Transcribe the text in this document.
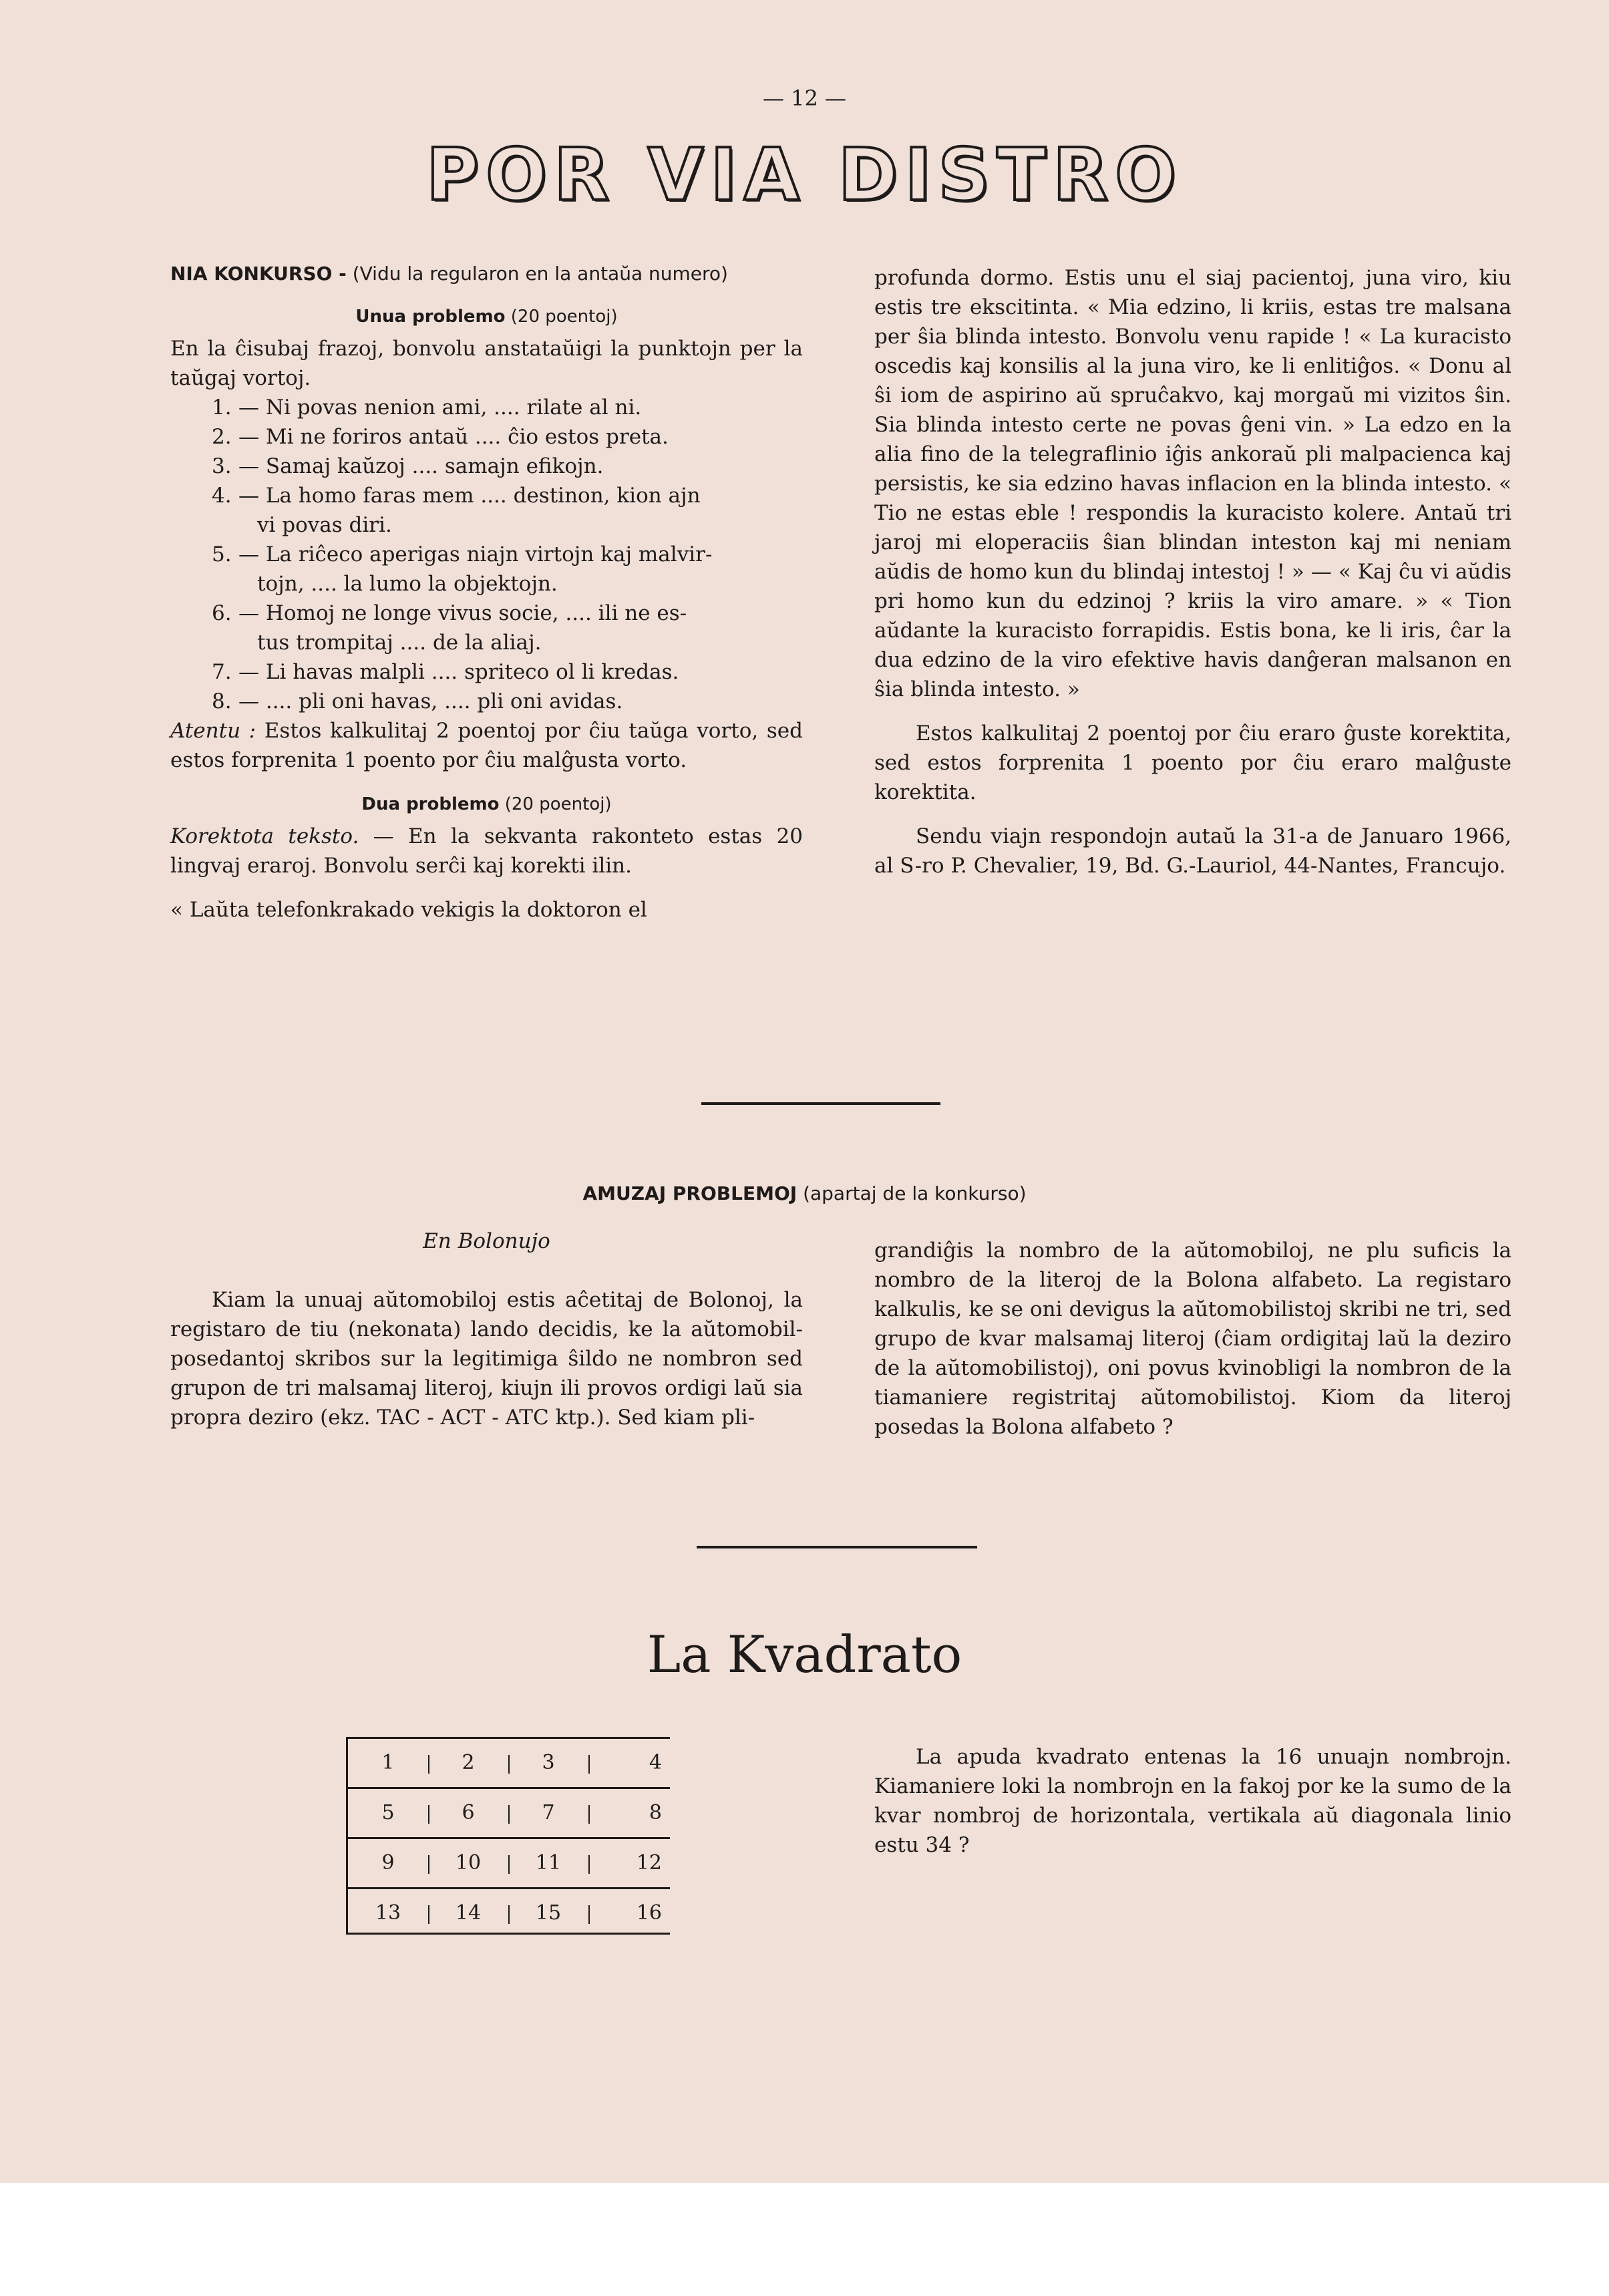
— 12 —
POR VIA DISTRO

NIA KONKURSO - (Vidu la regularon en la antaŭa numero)

Unua problemo (20 poentoj)

En la ĉisubaj frazoj, bonvolu anstataŭigi la punktojn per la taŭgaj vortoj.

1. — Ni povas nenion ami, .... rilate al ni.
2. — Mi ne foriros antaŭ .... ĉio estos preta.
3. — Samaj kaŭzoj .... samajn efikojn.
4. — La homo faras mem .... destinon, kion ajn
vi povas diri.
5. — La riĉeco aperigas niajn virtojn kaj malvir-
tojn, .... la lumo la objektojn.
6. — Homoj ne longe vivus socie, .... ili ne es-
tus trompitaj .... de la aliaj.
7. — Li havas malpli .... spriteco ol li kredas.
8. — .... pli oni havas, .... pli oni avidas.

Atentu : Estos kalkulitaj 2 poentoj por ĉiu taŭga vorto, sed estos forprenita 1 poento por ĉiu malĝusta vorto.

Dua problemo (20 poentoj)

Korektota teksto. — En la sekvanta rakonteto estas 20 lingvaj eraroj. Bonvolu serĉi kaj korekti ilin.

« Laŭta telefonkrakado vekigis la doktoron el

profunda dormo. Estis unu el siaj pacientoj, juna viro, kiu estis tre ekscitinta. « Mia edzino, li kriis, estas tre malsana per ŝia blinda intesto. Bonvolu venu rapide ! « La kuracisto oscedis kaj konsilis al la juna viro, ke li enlitiĝos. « Donu al ŝi iom de aspirino aŭ spruĉakvo, kaj morgaŭ mi vizitos ŝin. Sia blinda intesto certe ne povas ĝeni vin. » La edzo en la alia fino de la telegraflinio iĝis ankoraŭ pli malpacienca kaj persistis, ke sia edzino havas inflacion en la blinda intesto. « Tio ne estas eble ! respondis la kuracisto kolere. Antaŭ tri jaroj mi eloperaciis ŝian blindan inteston kaj mi neniam aŭdis de homo kun du blindaj intestoj ! » — « Kaj ĉu vi aŭdis pri homo kun du edzinoj ? kriis la viro amare. » « Tion aŭdante la kuracisto forrapidis. Estis bona, ke li iris, ĉar la dua edzino de la viro efektive havis danĝeran malsanon en ŝia blinda intesto. »

Estos kalkulitaj 2 poentoj por ĉiu eraro ĝuste korektita, sed estos forprenita 1 poento por ĉiu eraro malĝuste korektita.

Sendu viajn respondojn autaŭ la 31-a de Januaro 1966, al S-ro P. Chevalier, 19, Bd. G.-Lauriol, 44-Nantes, Francujo.

AMUZAJ PROBLEMOJ (apartaj de la konkurso)

En Bolonujo

Kiam la unuaj aŭtomobiloj estis aĉetitaj de Bolonoj, la registaro de tiu (nekonata) lando decidis, ke la aŭtomobil-posedantoj skribos sur la legitimiga ŝildo ne nombron sed grupon de tri malsamaj literoj, kiujn ili provos ordigi laŭ sia propra deziro (ekz. TAC - ACT - ATC ktp.). Sed kiam pli-

grandiĝis la nombro de la aŭtomobiloj, ne plu suficis la nombro de la literoj de la Bolona alfabeto. La registaro kalkulis, ke se oni devigus la aŭtomobilistoj skribi ne tri, sed grupo de kvar malsamaj literoj (ĉiam ordigitaj laŭ la deziro de la aŭtomobilistoj), oni povus kvinobligi la nombron de la tiamaniere registritaj aŭtomobilistoj. Kiom da literoj posedas la Bolona alfabeto ?

La Kvadrato
1	2	3	4
5	6	7	8
9	10	11	12
13	14	15	16

La apuda kvadrato entenas la 16 unuajn nombrojn. Kiamaniere loki la nombrojn en la fakoj por ke la sumo de la kvar nombroj de horizontala, vertikala aŭ diagonala linio estu 34 ?
